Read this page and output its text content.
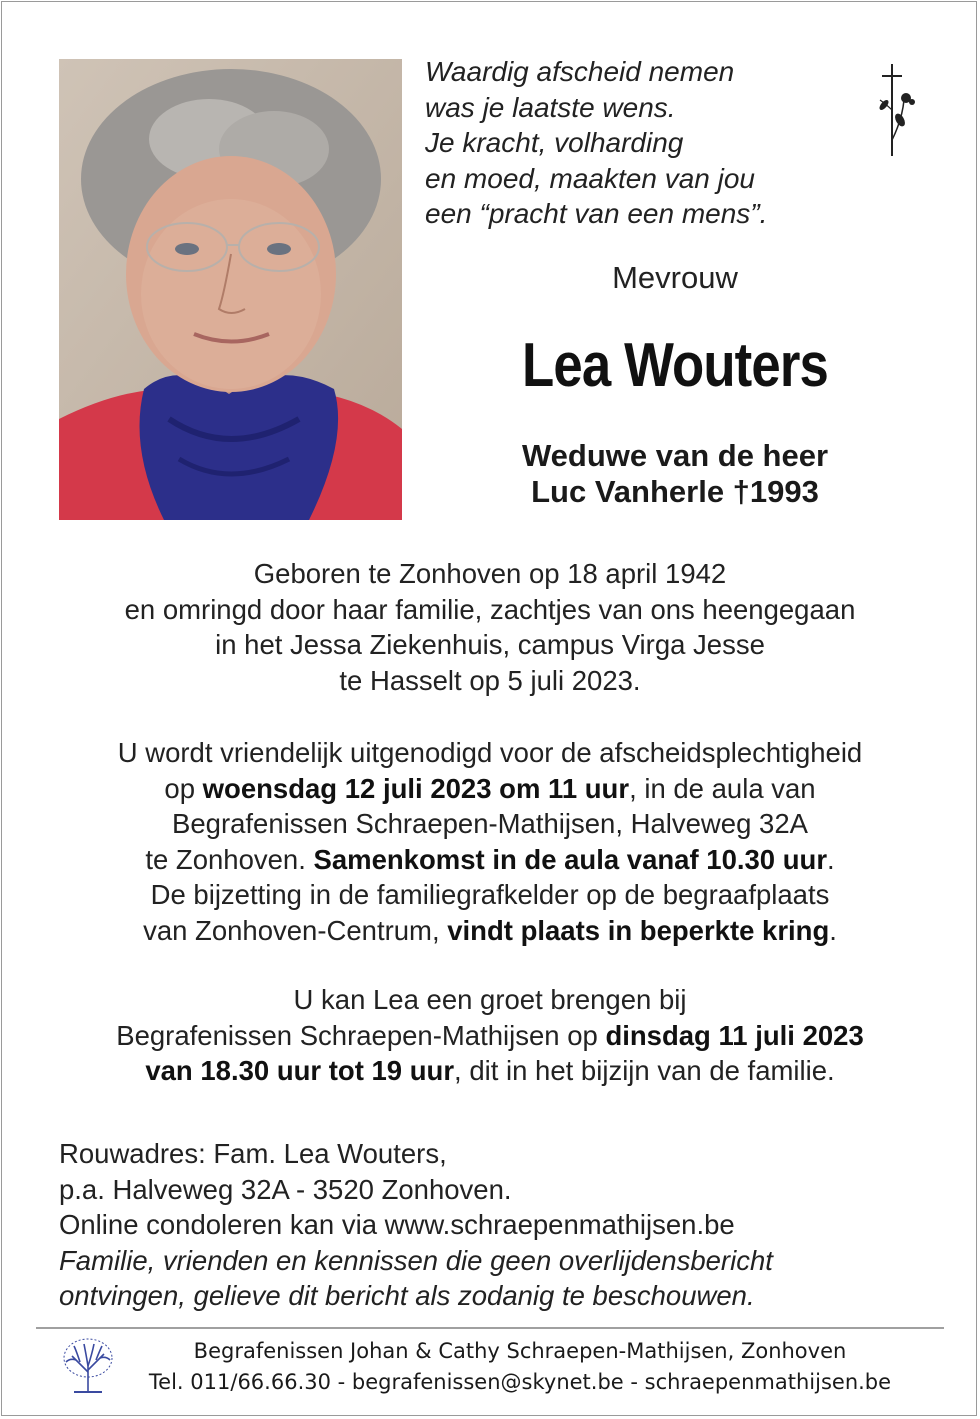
Waardig afscheid nemen
was je laatste wens.
Je kracht, volharding
en moed, maakten van jou
een “pracht van een mens”.
Mevrouw
Lea Wouters
Weduwe van de heer
Luc Vanherle †1993
Geboren te Zonhoven op 18 april 1942
en omringd door haar familie, zachtjes van ons heengegaan
in het Jessa Ziekenhuis, campus Virga Jesse
te Hasselt op 5 juli 2023.
U wordt vriendelijk uitgenodigd voor de afscheidsplechtigheid
op woensdag 12 juli 2023 om 11 uur, in de aula van
Begrafenissen Schraepen-Mathijsen, Halveweg 32A
te Zonhoven. Samenkomst in de aula vanaf 10.30 uur.
De bijzetting in de familiegrafkelder op de begraafplaats
van Zonhoven-Centrum, vindt plaats in beperkte kring.
U kan Lea een groet brengen bij
Begrafenissen Schraepen-Mathijsen op dinsdag 11 juli 2023
van 18.30 uur tot 19 uur, dit in het bijzijn van de familie.
Rouwadres: Fam. Lea Wouters,
p.a. Halveweg 32A - 3520 Zonhoven.
Online condoleren kan via www.schraepenmathijsen.be
Familie, vrienden en kennissen die geen overlijdensbericht
ontvingen, gelieve dit bericht als zodanig te beschouwen.
Begrafenissen Johan & Cathy Schraepen-Mathijsen, Zonhoven
Tel. 011/66.66.30 - begrafenissen@skynet.be - schraepenmathijsen.be
